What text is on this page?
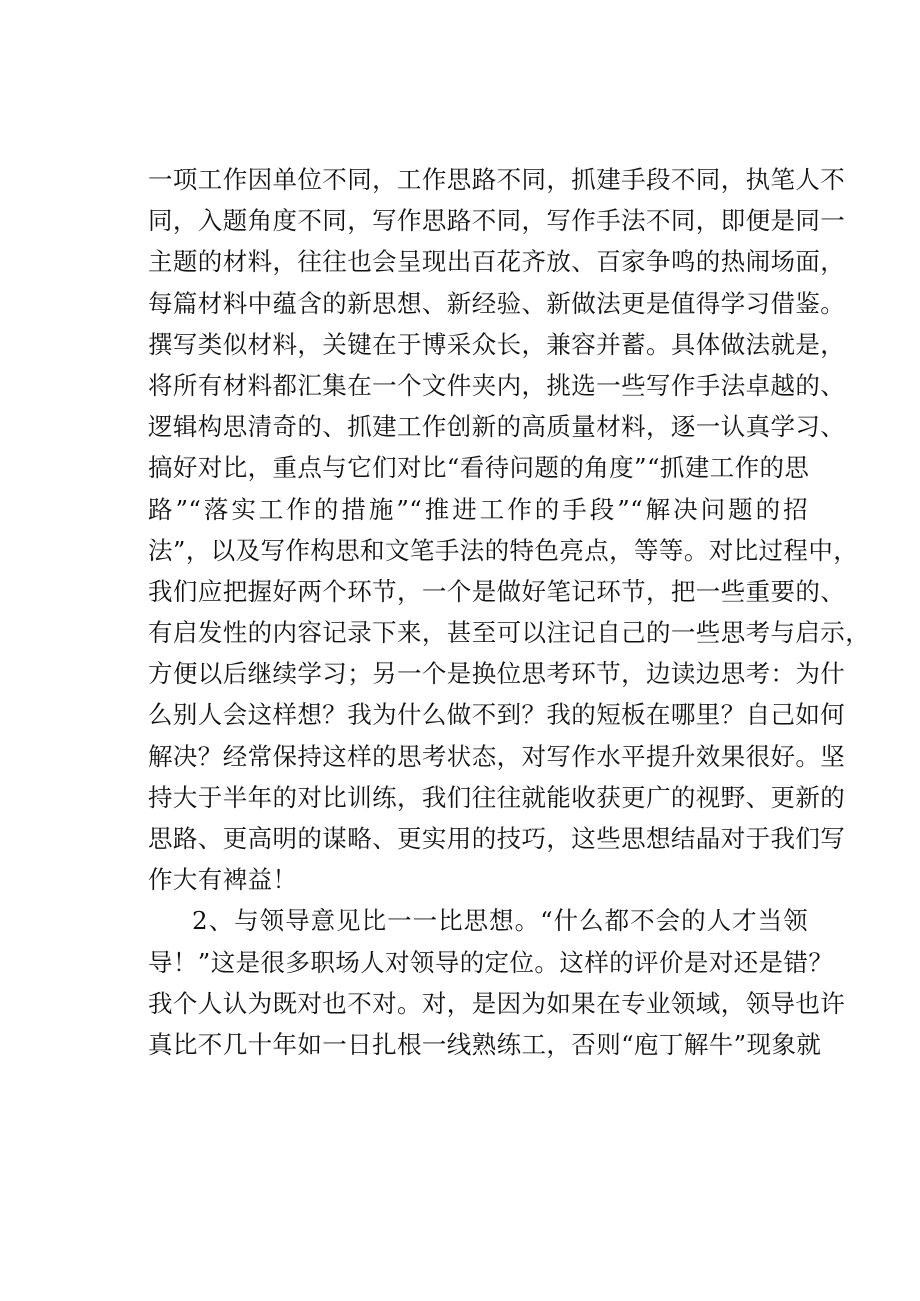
一项工作因单位不同，工作思路不同，抓建手段不同，执笔人不
同，入题角度不同，写作思路不同，写作手法不同，即便是同一
主题的材料，往往也会呈现出百花齐放、百家争鸣的热闹场面，
每篇材料中蕴含的新思想、新经验、新做法更是值得学习借鉴。
撰写类似材料，关键在于博采众长，兼容并蓄。具体做法就是，
将所有材料都汇集在一个文件夹内，挑选一些写作手法卓越的、
逻辑构思清奇的、抓建工作创新的高质量材料，逐一认真学习、
搞好对比，重点与它们对比“看待问题的角度”“抓建工作的思
路”“落实工作的措施”“推进工作的手段”“解决问题的招
法”，以及写作构思和文笔手法的特色亮点，等等。对比过程中，
我们应把握好两个环节，一个是做好笔记环节，把一些重要的、
有启发性的内容记录下来，甚至可以注记自己的一些思考与启示，
方便以后继续学习；另一个是换位思考环节，边读边思考：为什
么别人会这样想？我为什么做不到？我的短板在哪里？自己如何
解决？经常保持这样的思考状态，对写作水平提升效果很好。坚
持大于半年的对比训练，我们往往就能收获更广的视野、更新的
思路、更高明的谋略、更实用的技巧，这些思想结晶对于我们写
作大有裨益！
2、与领导意见比一一比思想。“什么都不会的人才当领
导！”这是很多职场人对领导的定位。这样的评价是对还是错？
我个人认为既对也不对。对，是因为如果在专业领域，领导也许
真比不几十年如一日扎根一线熟练工，否则“庖丁解牛”现象就
